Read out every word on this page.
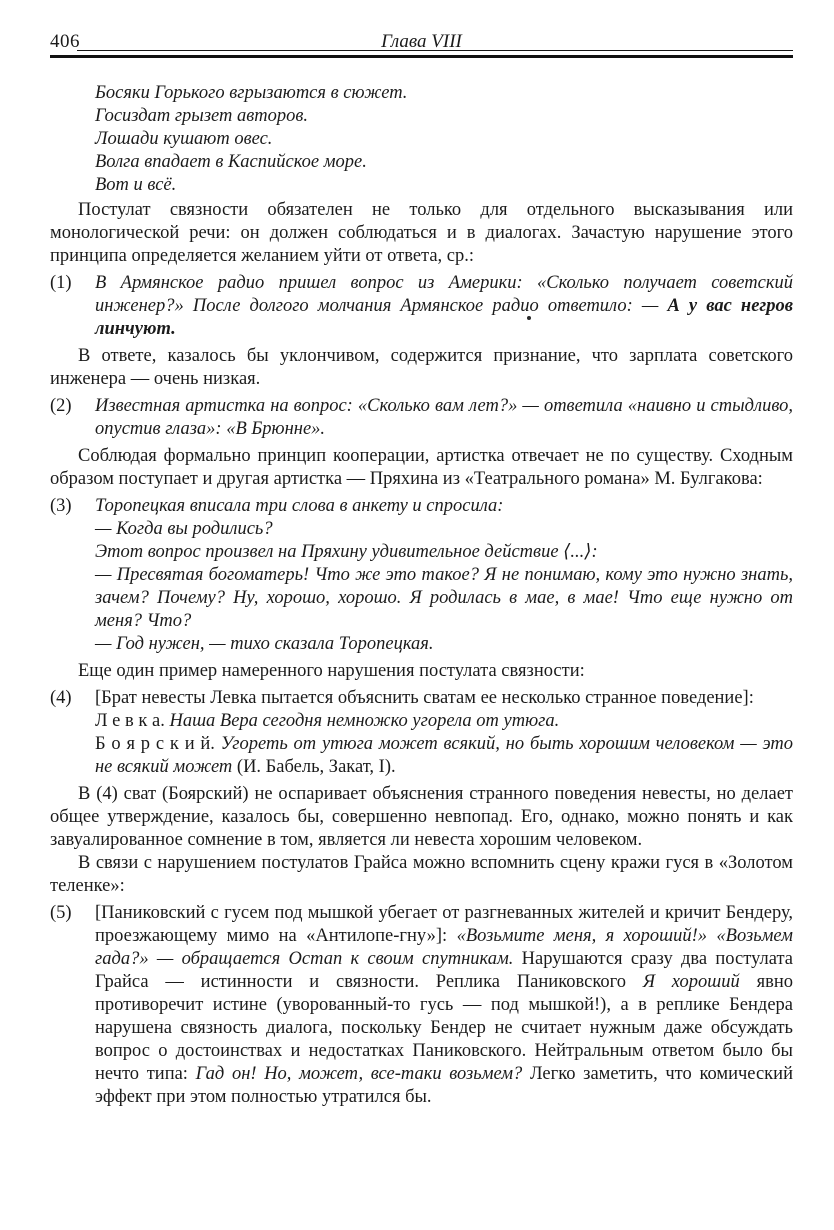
406	Глава VIII
Босяки Горького вгрызаются в сюжет.
Госиздат грызет авторов.
Лошади кушают овес.
Волга впадает в Каспийское море.
Вот и всё.

Постулат связности обязателен не только для отдельного высказывания или монологической речи: он должен соблюдаться и в диалогах. Зачастую нарушение этого принципа определяется желанием уйти от ответа, ср.:

(1)	В Армянское радио пришел вопрос из Америки: «Сколько получает советский инженер?» После долгого молчания Армянское радио ответило: — А у вас негров линчуют.

В ответе, казалось бы уклончивом, содержится признание, что зарплата советского инженера — очень низкая.

(2)	Известная артистка на вопрос: «Сколько вам лет?» — ответила «наивно и стыдливо, опустив глаза»: «В Брюнне».

Соблюдая формально принцип кооперации, артистка отвечает не по существу. Сходным образом поступает и другая артистка — Пряхина из «Театрального романа» М. Булгакова:

(3)	Торопецкая вписала три слова в анкету и спросила:
— Когда вы родились?
Этот вопрос произвел на Пряхину удивительное действие ⟨...⟩:
— Пресвятая богоматерь! Что же это такое? Я не понимаю, кому это нужно знать, зачем? Почему? Ну, хорошо, хорошо. Я родилась в мае, в мае! Что еще нужно от меня? Что?
— Год нужен, — тихо сказала Торопецкая.

Еще один пример намеренного нарушения постулата связности:

(4)	[Брат невесты Левка пытается объяснить сватам ее несколько странное поведение]:
Л е в к а. Наша Вера сегодня немножко угорела от утюга.
Б о я р с к и й. Угореть от утюга может всякий, но быть хорошим человеком — это не всякий может (И. Бабель, Закат, I).

В (4) сват (Боярский) не оспаривает объяснения странного поведения невесты, но делает общее утверждение, казалось бы, совершенно невпопад. Его, однако, можно понять и как завуалированное сомнение в том, является ли невеста хорошим человеком.

В связи с нарушением постулатов Грайса можно вспомнить сцену кражи гуся в «Золотом теленке»:

(5)	[Паниковский с гусем под мышкой убегает от разгневанных жителей и кричит Бендеру, проезжающему мимо на «Антилопе-гну»]: «Возьмите меня, я хороший!» «Возьмем гада?» — обращается Остап к своим спутникам. Нарушаются сразу два постулата Грайса — истинности и связности. Реплика Паниковского Я хороший явно противоречит истине (уворованный-то гусь — под мышкой!), а в реплике Бендера нарушена связность диалога, поскольку Бендер не считает нужным даже обсуждать вопрос о достоинствах и недостатках Паниковского. Нейтральным ответом было бы нечто типа: Гад он! Но, может, все-таки возьмем? Легко заметить, что комический эффект при этом полностью утратился бы.
